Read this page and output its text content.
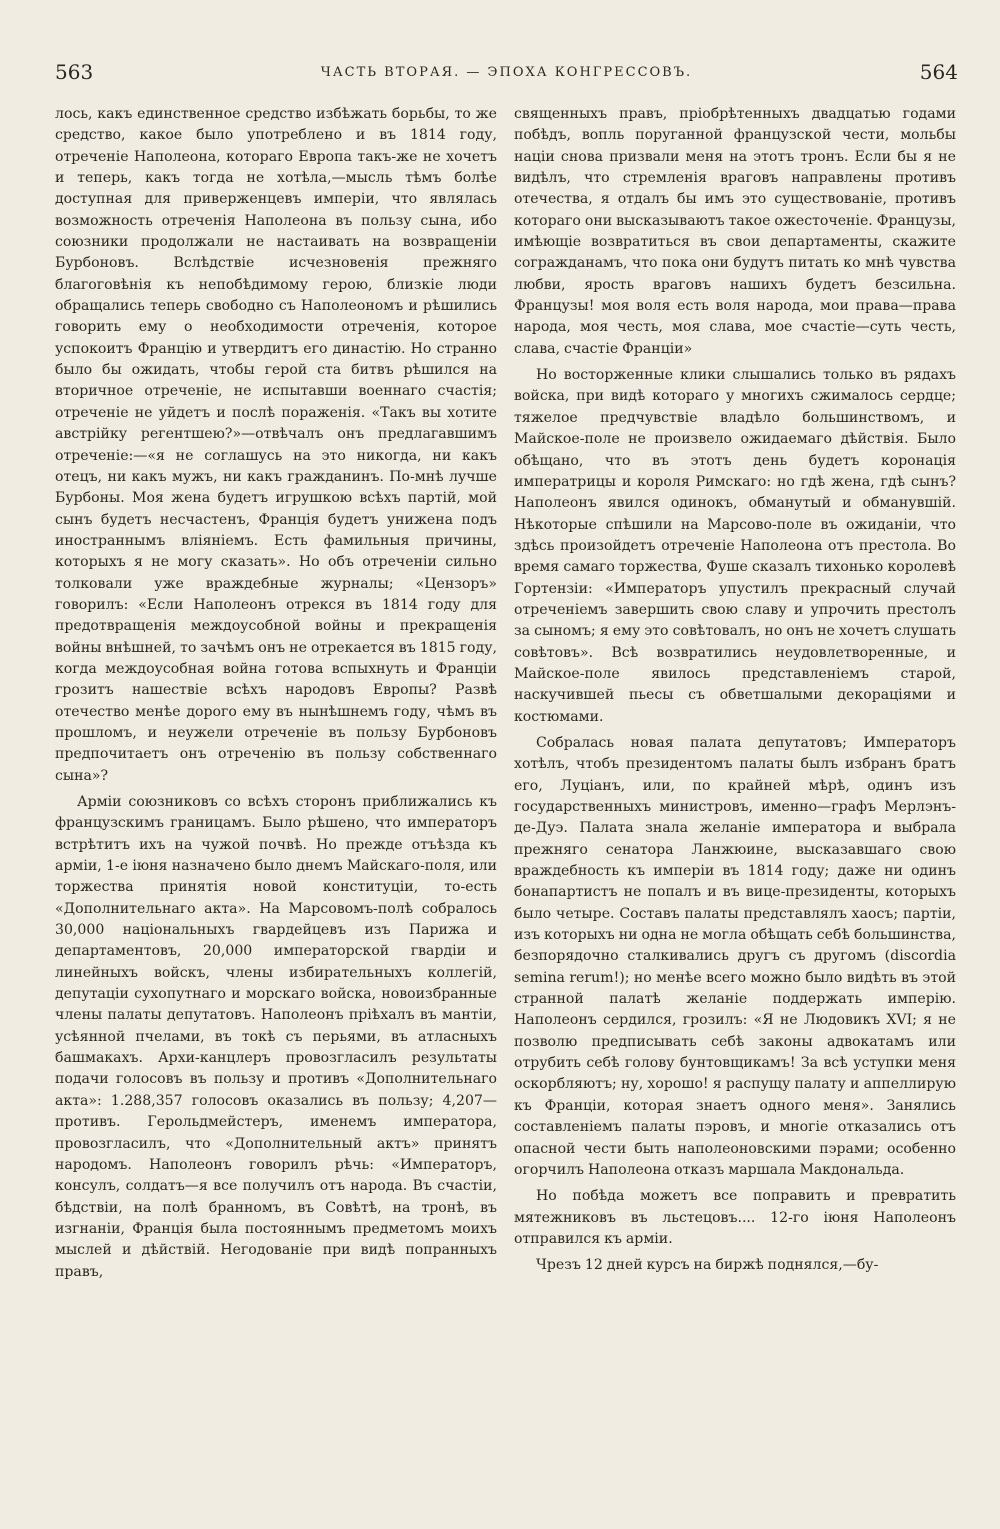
563	ЧАСТЬ ВТОРАЯ. — ЭПОХА КОНГРЕССОВЪ.	564

лось, какъ единственное средство избѣжать борьбы, то же средство, какое было употреблено и въ 1814 году, отреченіе Наполеона, котораго Европа такъ-же не хочетъ и теперь, какъ тогда не хотѣла,—мысль тѣмъ болѣе доступная для приверженцевъ имперіи, что являлась возможность отреченія Наполеона въ пользу сына, ибо союзники продолжали не настаивать на возвращеніи Бурбоновъ. Вслѣдствіе исчезновенія прежняго благоговѣнія къ непобѣдимому герою, близкіе люди обращались теперь свободно съ Наполеономъ и рѣшились говорить ему о необходимости отреченія, которое успокоитъ Францію и утвердитъ его династію. Но странно было бы ожидать, чтобы герой ста битвъ рѣшился на вторичное отреченіе, не испытавши военнаго счастія; отреченіе не уйдетъ и послѣ пораженія. «Такъ вы хотите австрійку регентшею?»—отвѣчалъ онъ предлагавшимъ отреченіе:—«я не соглашусь на это никогда, ни какъ отецъ, ни какъ мужъ, ни какъ гражданинъ. По-мнѣ лучше Бурбоны. Моя жена будетъ игрушкою всѣхъ партій, мой сынъ будетъ несчастенъ, Франція будетъ унижена подъ иностраннымъ вліяніемъ. Есть фамильныя причины, которыхъ я не могу сказать». Но объ отреченіи сильно толковали уже враждебные журналы; «Цензоръ» говорилъ: «Если Наполеонъ отрекся въ 1814 году для предотвращенія междоусобной войны и прекращенія войны внѣшней, то зачѣмъ онъ не отрекается въ 1815 году, когда междоусобная война готова вспыхнуть и Франціи грозитъ нашествіе всѣхъ народовъ Европы? Развѣ отечество менѣе дорого ему въ нынѣшнемъ году, чѣмъ въ прошломъ, и неужели отреченіе въ пользу Бурбоновъ предпочитаетъ онъ отреченію въ пользу собственнаго сына»?

Арміи союзниковъ со всѣхъ сторонъ приближались къ французскимъ границамъ. Было рѣшено, что императоръ встрѣтитъ ихъ на чужой почвѣ. Но прежде отъѣзда къ арміи, 1-е іюня назначено было днемъ Майскаго-поля, или торжества принятія новой конституціи, то-есть «Дополнительнаго акта». На Марсовомъ-полѣ собралось 30,000 національныхъ гвардейцевъ изъ Парижа и департаментовъ, 20,000 императорской гвардіи и линейныхъ войскъ, члены избирательныхъ коллегій, депутаціи сухопутнаго и морскаго войска, новоизбранные члены палаты депутатовъ. Наполеонъ пріѣхалъ въ мантіи, усѣянной пчелами, въ токѣ съ перьями, въ атласныхъ башмакахъ. Архи-канцлеръ провозгласилъ результаты подачи голосовъ въ пользу и противъ «Дополнительнаго акта»: 1.288,357 голосовъ оказались въ пользу; 4,207—противъ. Герольдмейстеръ, именемъ императора, провозгласилъ, что «Дополнительный актъ» принятъ народомъ. Наполеонъ говорилъ рѣчь: «Императоръ, консулъ, солдатъ—я все получилъ отъ народа. Въ счастіи, бѣдствіи, на полѣ бранномъ, въ Совѣтѣ, на тронѣ, въ изгнаніи, Франція была постояннымъ предметомъ моихъ мыслей и дѣйствій. Негодованіе при видѣ попранныхъ правъ,

священныхъ правъ, пріобрѣтенныхъ двадцатью годами побѣдъ, вопль поруганной французской чести, мольбы націи снова призвали меня на этотъ тронъ. Если бы я не видѣлъ, что стремленія враговъ направлены противъ отечества, я отдалъ бы имъ это существованіе, противъ котораго они высказываютъ такое ожесточеніе. Французы, имѣющіе возвратиться въ свои департаменты, скажите согражданамъ, что пока они будутъ питать ко мнѣ чувства любви, ярость враговъ нашихъ будетъ безсильна. Французы! моя воля есть воля народа, мои права—права народа, моя честь, моя слава, мое счастіе—суть честь, слава, счастіе Франціи»

Но восторженные клики слышались только въ рядахъ войска, при видѣ котораго у многихъ сжималось сердце; тяжелое предчувствіе владѣло большинствомъ, и Майское-поле не произвело ожидаемаго дѣйствія. Было обѣщано, что въ этотъ день будетъ коронація императрицы и короля Римскаго: но гдѣ жена, гдѣ сынъ? Наполеонъ явился одинокъ, обманутый и обманувшій. Нѣкоторые спѣшили на Марсово-поле въ ожиданіи, что здѣсь произойдетъ отреченіе Наполеона отъ престола. Во время самаго торжества, Фуше сказалъ тихонько королевѣ Гортензіи: «Императоръ упустилъ прекрасный случай отреченіемъ завершить свою славу и упрочить престолъ за сыномъ; я ему это совѣтовалъ, но онъ не хочетъ слушать совѣтовъ». Всѣ возвратились неудовлетворенные, и Майское-поле явилось представленіемъ старой, наскучившей пьесы съ обветшалыми декораціями и костюмами.

Собралась новая палата депутатовъ; Императоръ хотѣлъ, чтобъ президентомъ палаты былъ избранъ братъ его, Луціанъ, или, по крайней мѣрѣ, одинъ изъ государственныхъ министровъ, именно—графъ Мерлэнъ-де-Дуэ. Палата знала желаніе императора и выбрала прежняго сенатора Ланжюине, высказавшаго свою враждебность къ имперіи въ 1814 году; даже ни одинъ бонапартистъ не попалъ и въ вице-президенты, которыхъ было четыре. Составъ палаты представлялъ хаосъ; партіи, изъ которыхъ ни одна не могла обѣщать себѣ большинства, безпорядочно сталкивались другъ съ другомъ (discordia semina rerum!); но менѣе всего можно было видѣть въ этой странной палатѣ желаніе поддержать имперію. Наполеонъ сердился, грозилъ: «Я не Людовикъ XVI; я не позволю предписывать себѣ законы адвокатамъ или отрубить себѣ голову бунтовщикамъ! За всѣ уступки меня оскорбляютъ; ну, хорошо! я распущу палату и аппеллирую къ Франціи, которая знаетъ одного меня». Занялись составленіемъ палаты пэровъ, и многіе отказались отъ опасной чести быть наполеоновскими пэрами; особенно огорчилъ Наполеона отказъ маршала Макдональда.

Но побѣда можетъ все поправить и превратить мятежниковъ въ льстецовъ.... 12-го іюня Наполеонъ отправился къ арміи.

Чрезъ 12 дней курсъ на биржѣ поднялся,—бу-
